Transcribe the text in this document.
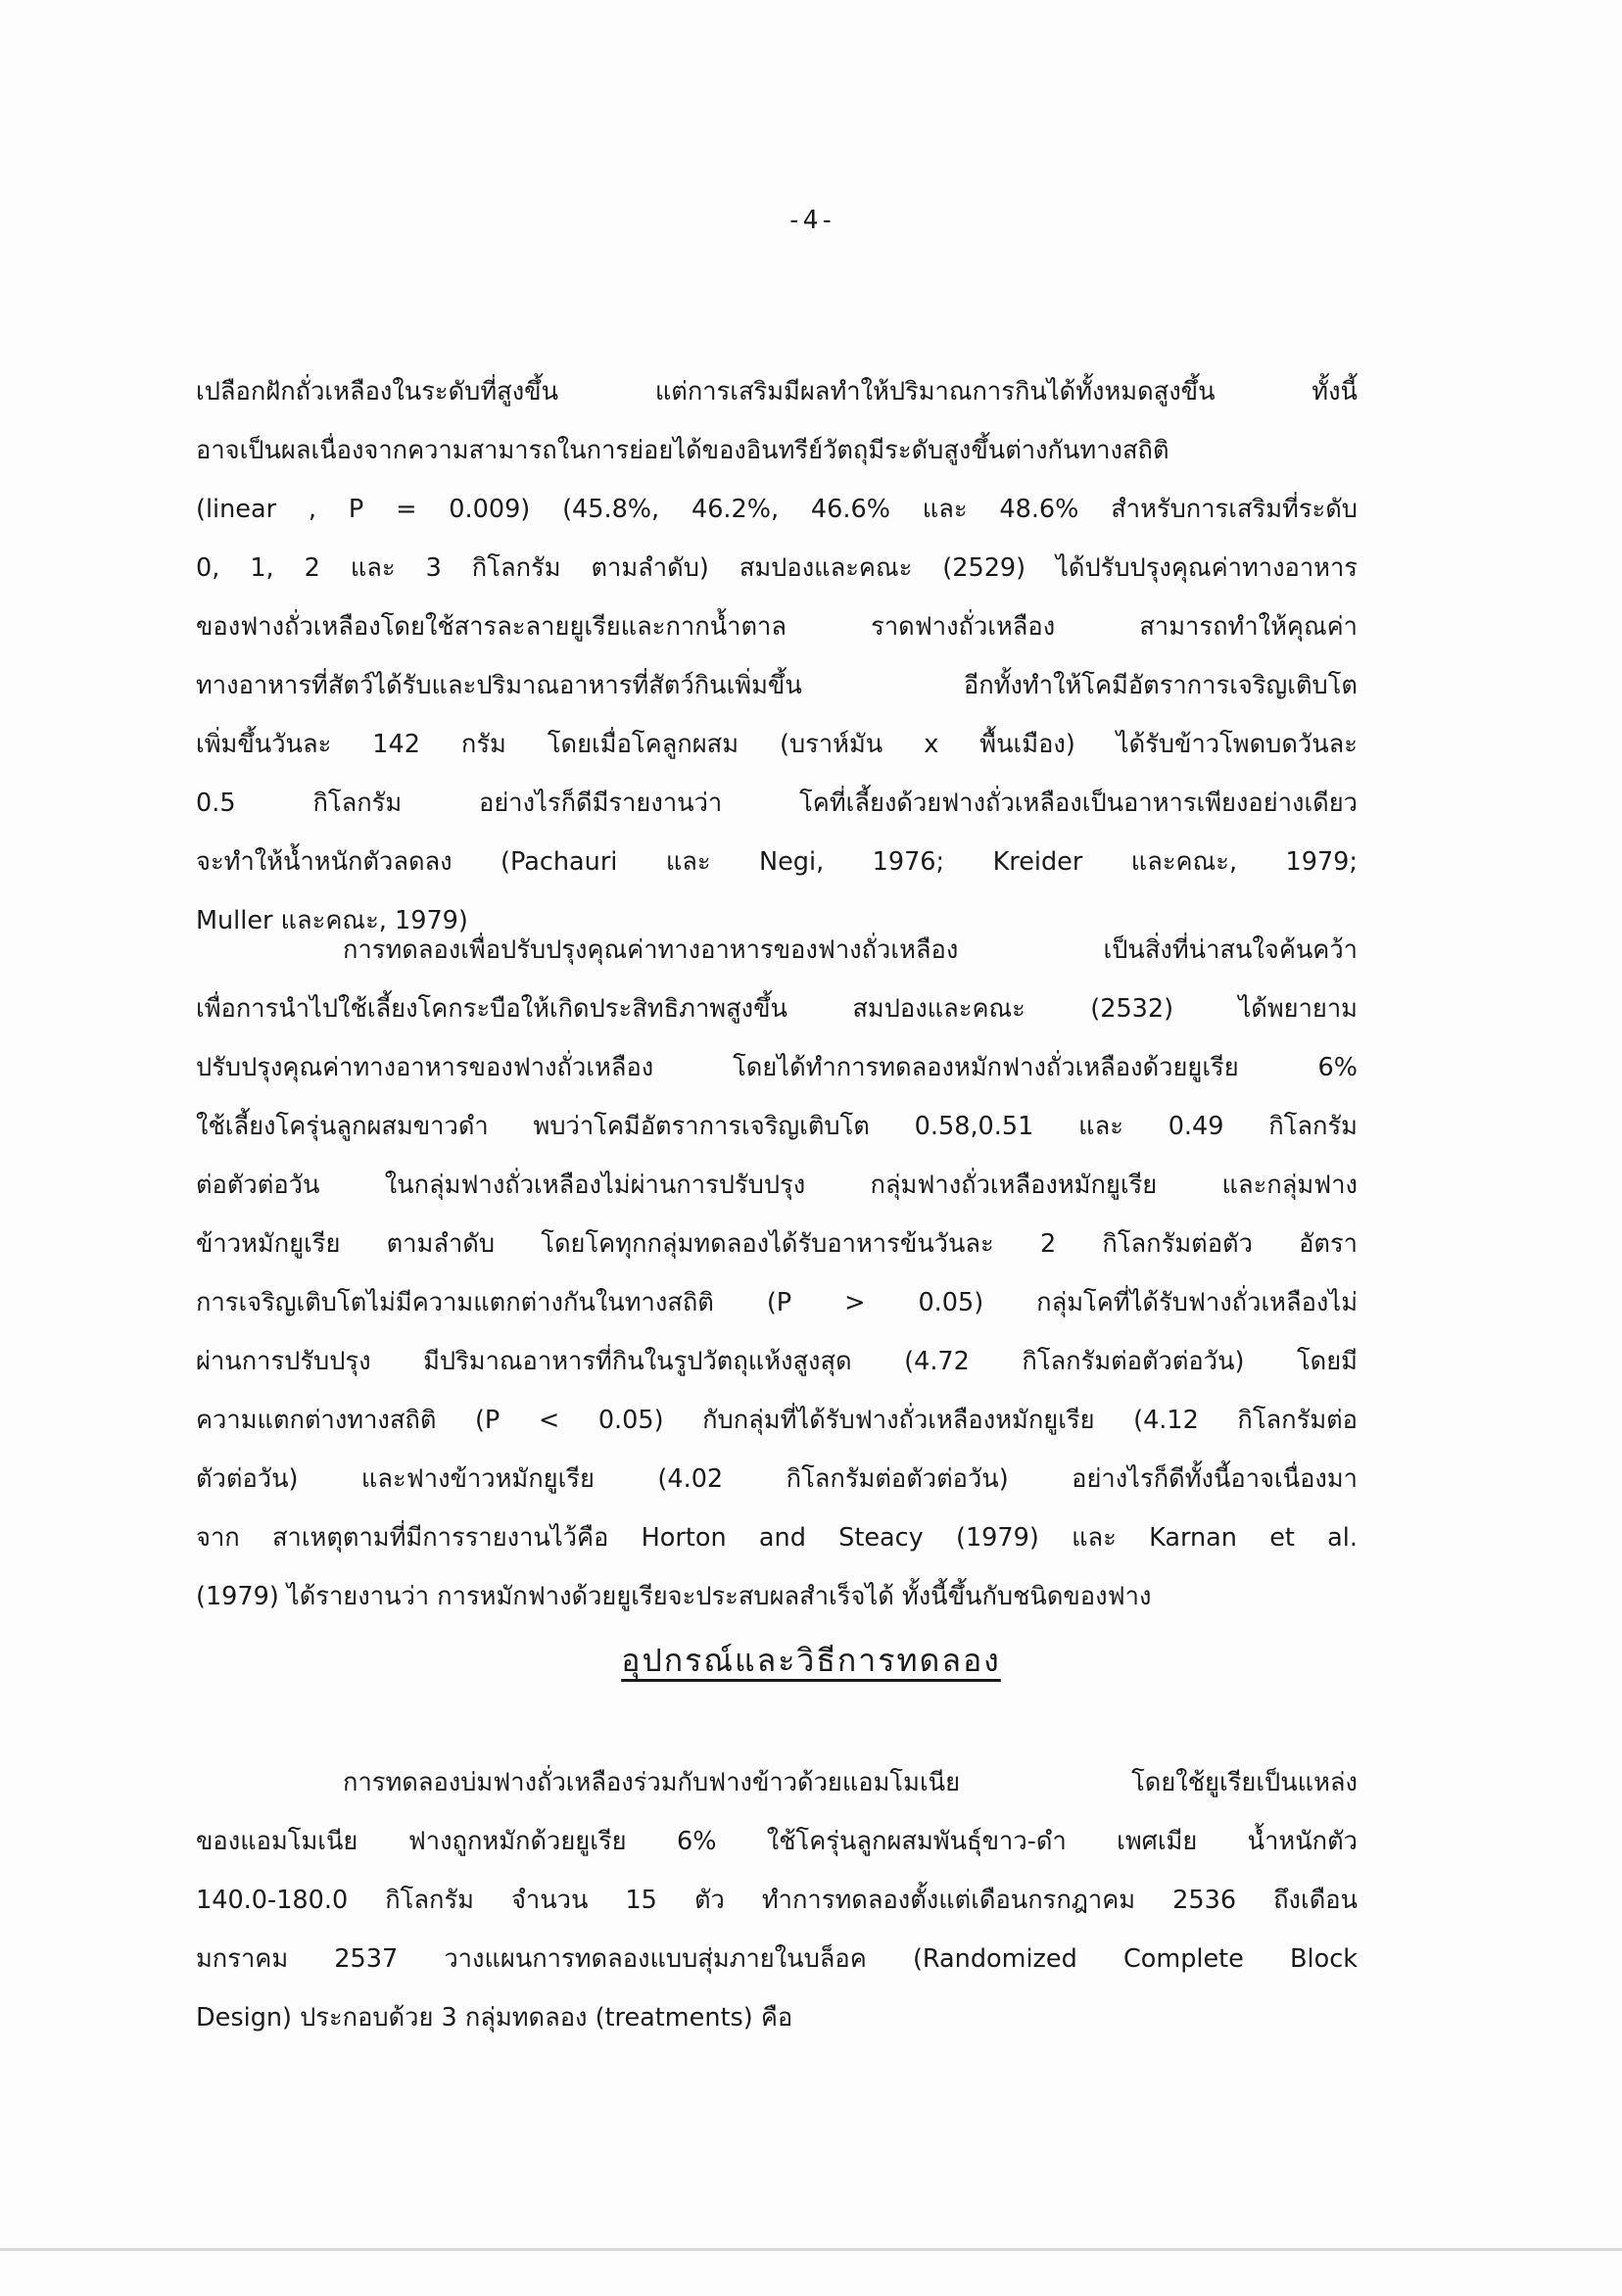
-4-
เปลือกฝักถั่วเหลืองในระดับที่สูงขึ้น แต่การเสริมมีผลทำให้ปริมาณการกินได้ทั้งหมดสูงขึ้น ทั้งนี้
อาจเป็นผลเนื่องจากความสามารถในการย่อยได้ของอินทรีย์วัตถุมีระดับสูงขึ้นต่างกันทางสถิติ
(linear , P = 0.009) (45.8%, 46.2%, 46.6% และ 48.6% สำหรับการเสริมที่ระดับ
0, 1, 2 และ 3 กิโลกรัม ตามลำดับ) สมปองและคณะ (2529) ได้ปรับปรุงคุณค่าทางอาหาร
ของฟางถั่วเหลืองโดยใช้สารละลายยูเรียและกากน้ำตาล ราดฟางถั่วเหลือง สามารถทำให้คุณค่า
ทางอาหารที่สัตว์ได้รับและปริมาณอาหารที่สัตว์กินเพิ่มขึ้น อีกทั้งทำให้โคมีอัตราการเจริญเติบโต
เพิ่มขึ้นวันละ 142 กรัม โดยเมื่อโคลูกผสม (บราห์มัน x พื้นเมือง) ได้รับข้าวโพดบดวันละ
0.5 กิโลกรัม อย่างไรก็ดีมีรายงานว่า โคที่เลี้ยงด้วยฟางถั่วเหลืองเป็นอาหารเพียงอย่างเดียว
จะทำให้น้ำหนักตัวลดลง (Pachauri และ Negi, 1976; Kreider และคณะ, 1979;
Muller และคณะ, 1979)
การทดลองเพื่อปรับปรุงคุณค่าทางอาหารของฟางถั่วเหลือง เป็นสิ่งที่น่าสนใจค้นคว้า
เพื่อการนำไปใช้เลี้ยงโคกระบือให้เกิดประสิทธิภาพสูงขึ้น สมปองและคณะ (2532) ได้พยายาม
ปรับปรุงคุณค่าทางอาหารของฟางถั่วเหลือง โดยได้ทำการทดลองหมักฟางถั่วเหลืองด้วยยูเรีย 6%
ใช้เลี้ยงโครุ่นลูกผสมขาวดำ พบว่าโคมีอัตราการเจริญเติบโต 0.58,0.51 และ 0.49 กิโลกรัม
ต่อตัวต่อวัน ในกลุ่มฟางถั่วเหลืองไม่ผ่านการปรับปรุง กลุ่มฟางถั่วเหลืองหมักยูเรีย และกลุ่มฟาง
ข้าวหมักยูเรีย ตามลำดับ โดยโคทุกกลุ่มทดลองได้รับอาหารข้นวันละ 2 กิโลกรัมต่อตัว อัตรา
การเจริญเติบโตไม่มีความแตกต่างกันในทางสถิติ (P > 0.05) กลุ่มโคที่ได้รับฟางถั่วเหลืองไม่
ผ่านการปรับปรุง มีปริมาณอาหารที่กินในรูปวัตถุแห้งสูงสุด (4.72 กิโลกรัมต่อตัวต่อวัน) โดยมี
ความแตกต่างทางสถิติ (P < 0.05) กับกลุ่มที่ได้รับฟางถั่วเหลืองหมักยูเรีย (4.12 กิโลกรัมต่อ
ตัวต่อวัน) และฟางข้าวหมักยูเรีย (4.02 กิโลกรัมต่อตัวต่อวัน) อย่างไรก็ดีทั้งนี้อาจเนื่องมา
จาก สาเหตุตามที่มีการรายงานไว้คือ Horton and Steacy (1979) และ Karnan et al.
(1979) ได้รายงานว่า การหมักฟางด้วยยูเรียจะประสบผลสำเร็จได้ ทั้งนี้ขึ้นกับชนิดของฟาง
อุปกรณ์และวิธีการทดลอง
การทดลองบ่มฟางถั่วเหลืองร่วมกับฟางข้าวด้วยแอมโมเนีย โดยใช้ยูเรียเป็นแหล่ง
ของแอมโมเนีย ฟางถูกหมักด้วยยูเรีย 6% ใช้โครุ่นลูกผสมพันธุ์ขาว-ดำ เพศเมีย น้ำหนักตัว
140.0-180.0 กิโลกรัม จำนวน 15 ตัว ทำการทดลองตั้งแต่เดือนกรกฎาคม 2536 ถึงเดือน
มกราคม 2537 วางแผนการทดลองแบบสุ่มภายในบล็อค (Randomized Complete Block
Design) ประกอบด้วย 3 กลุ่มทดลอง (treatments) คือ
